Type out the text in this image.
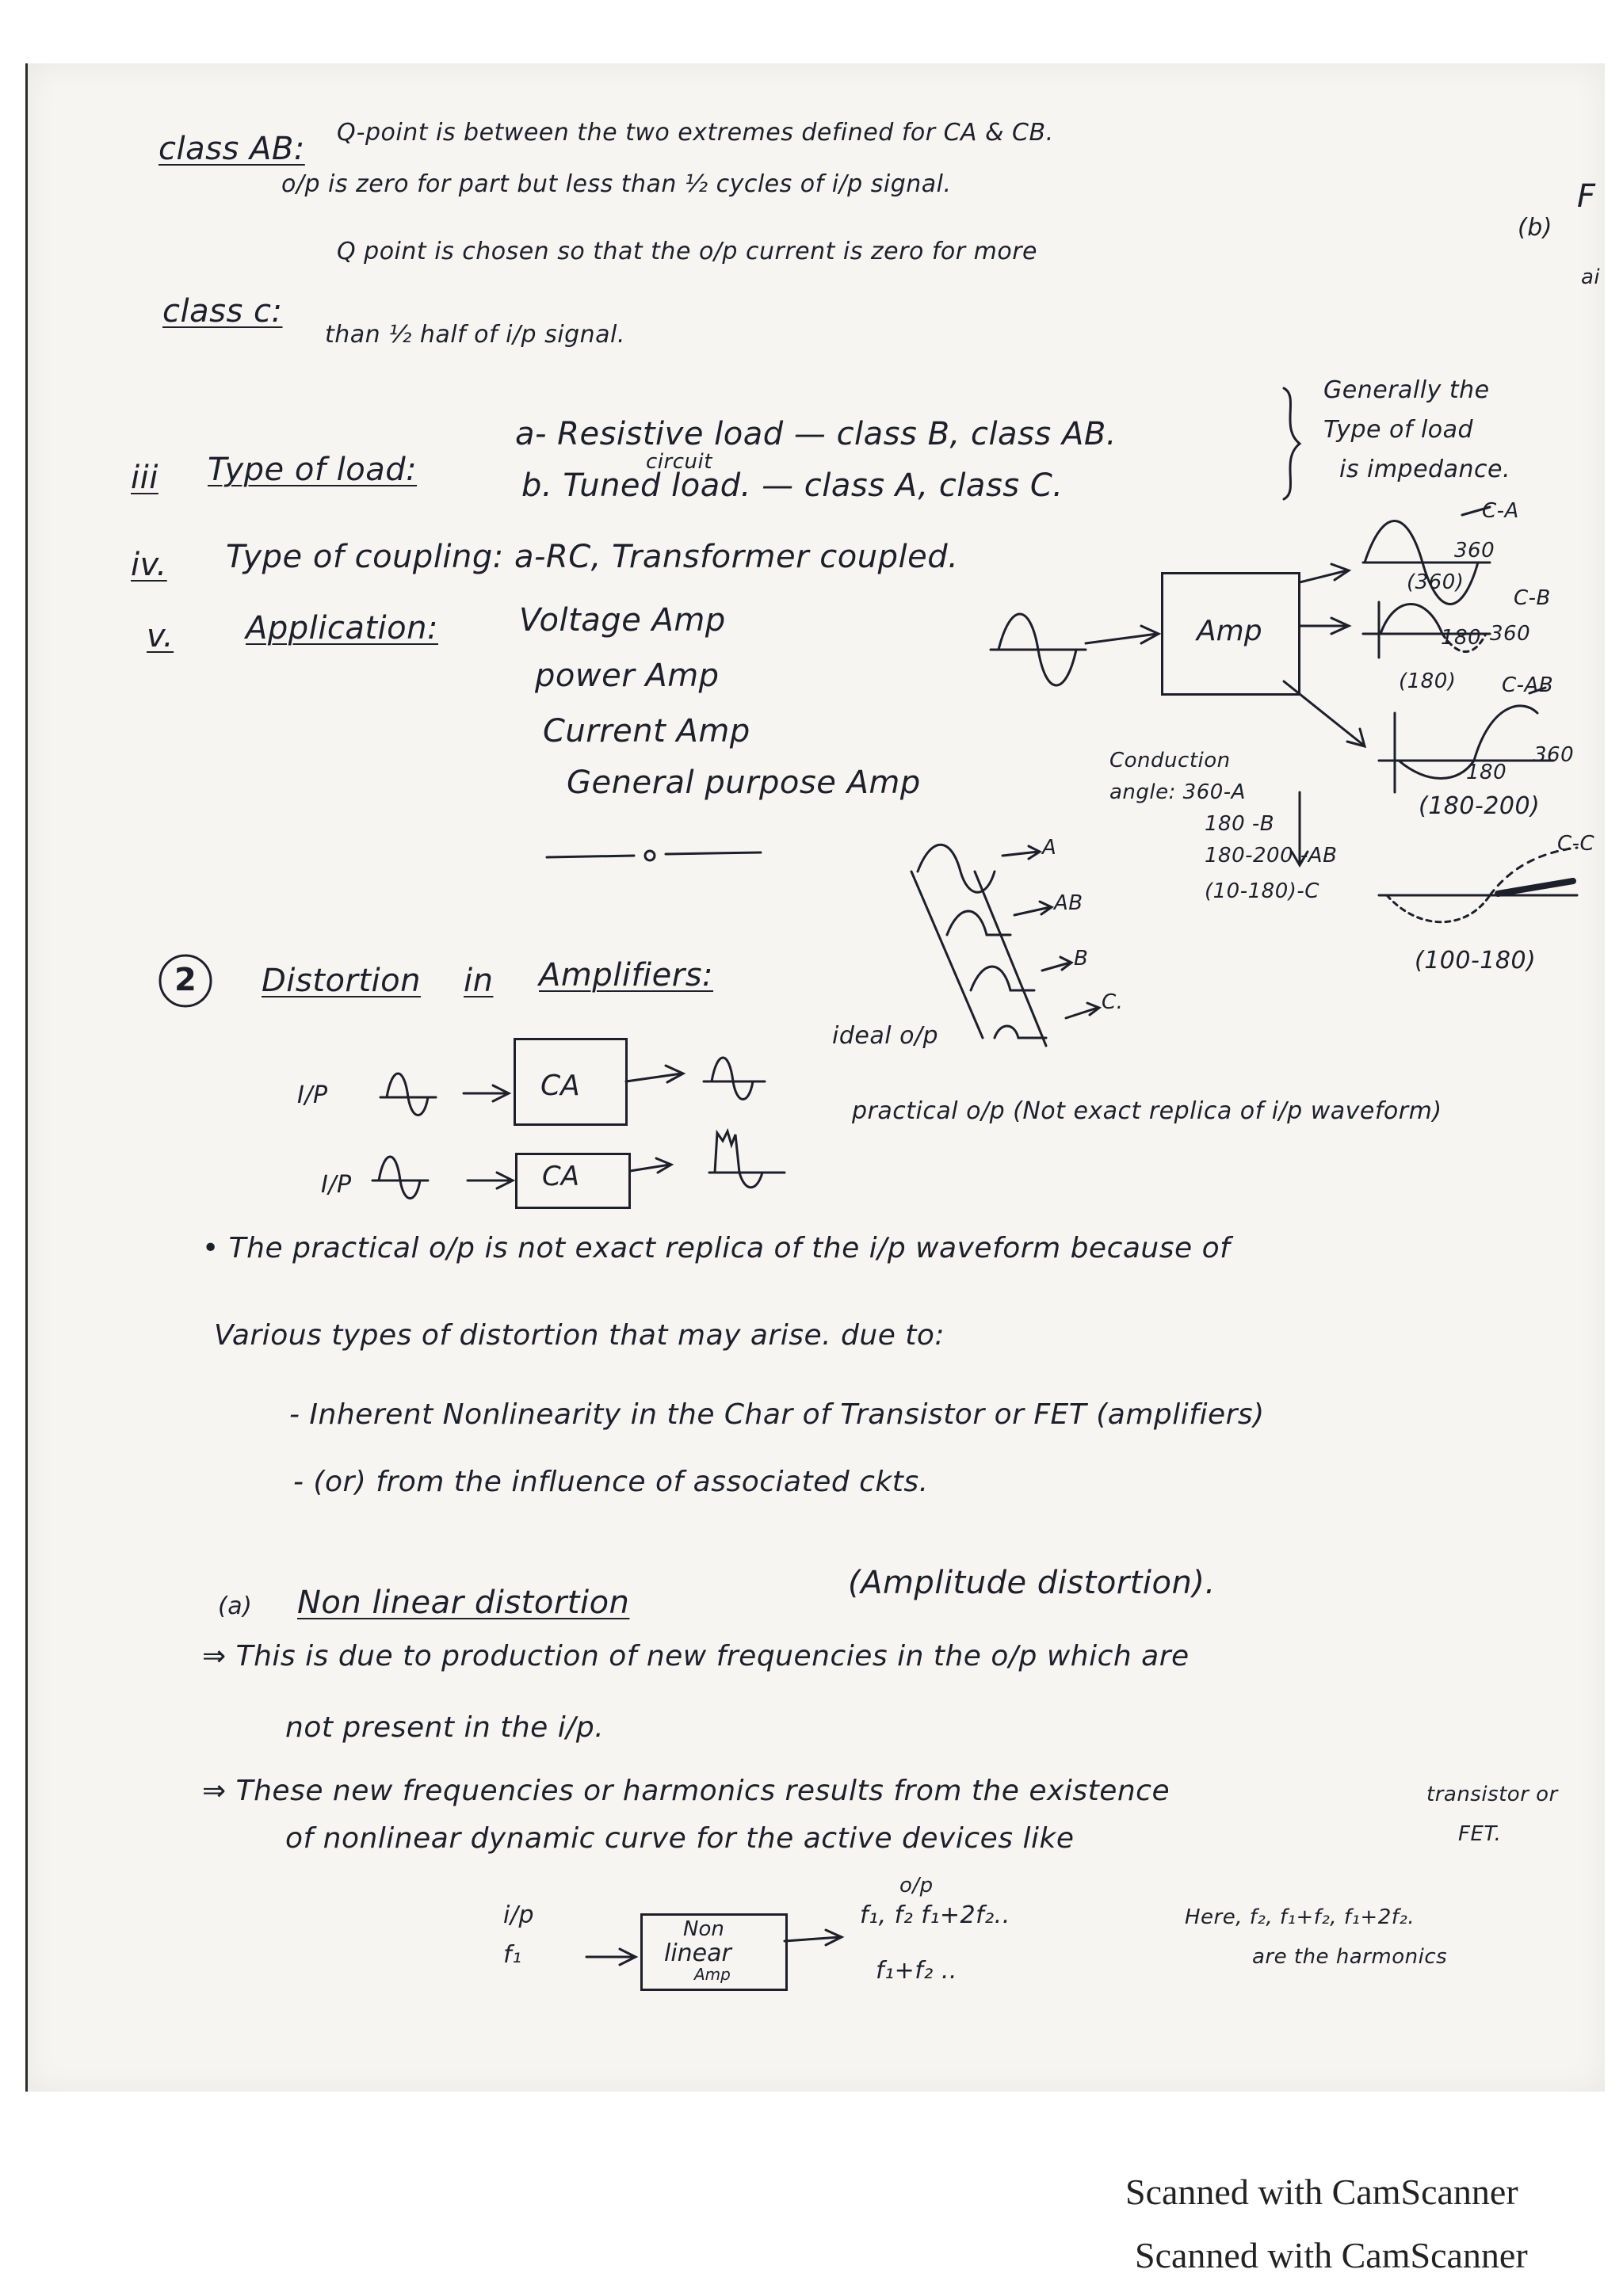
Amp
CA
CA
Non
linear
Amp
class AB: Q-point is between the two extremes defined for CA & CB.
o/p is zero for part but less than ½ cycles of i/p signal.
(b)
F
ai
class c:
Q point is chosen so that the o/p current is zero for more
than ½ half of i/p signal.
iii Type of load:
a- Resistive load — class B, class AB.
circuit
b. Tuned load. — class A, class C.
Generally the
Type of load
is impedance.
iv. Type of coupling: a-RC, Transformer coupled.
v. Application:	Voltage Amp
power Amp
Current Amp
General purpose Amp
C-A
360
(360)
C-B
180 360
(180) C-AB
180
360
(180-200)
C-C
(100-180)
Conduction
angle: 360-A
180 -B
180-200 -AB
(10-180)-C
A
AB
B
C.
2 Distortion in Amplifiers:
I/P
I/P
ideal o/p
practical o/p (Not exact replica of i/p waveform)
• The practical o/p is not exact replica of the i/p waveform because of
Various types of distortion that may arise. due to:
- Inherent Nonlinearity in the Char of Transistor or FET (amplifiers)
- (or) from the influence of associated ckts.
(a) Non linear distortion
(Amplitude distortion).
⇒ This is due to production of new frequencies in the o/p which are
not present in the i/p.
⇒ These new frequencies or harmonics results from the existence	transistor or
of nonlinear dynamic curve for the active devices like	FET.
i/p
f₁
o/p
f₁, f₂ f₁+2f₂..
f₁+f₂ ..
Here, f₂, f₁+f₂, f₁+2f₂.
are the harmonics
Scanned with CamScanner
Scanned with CamScanner
